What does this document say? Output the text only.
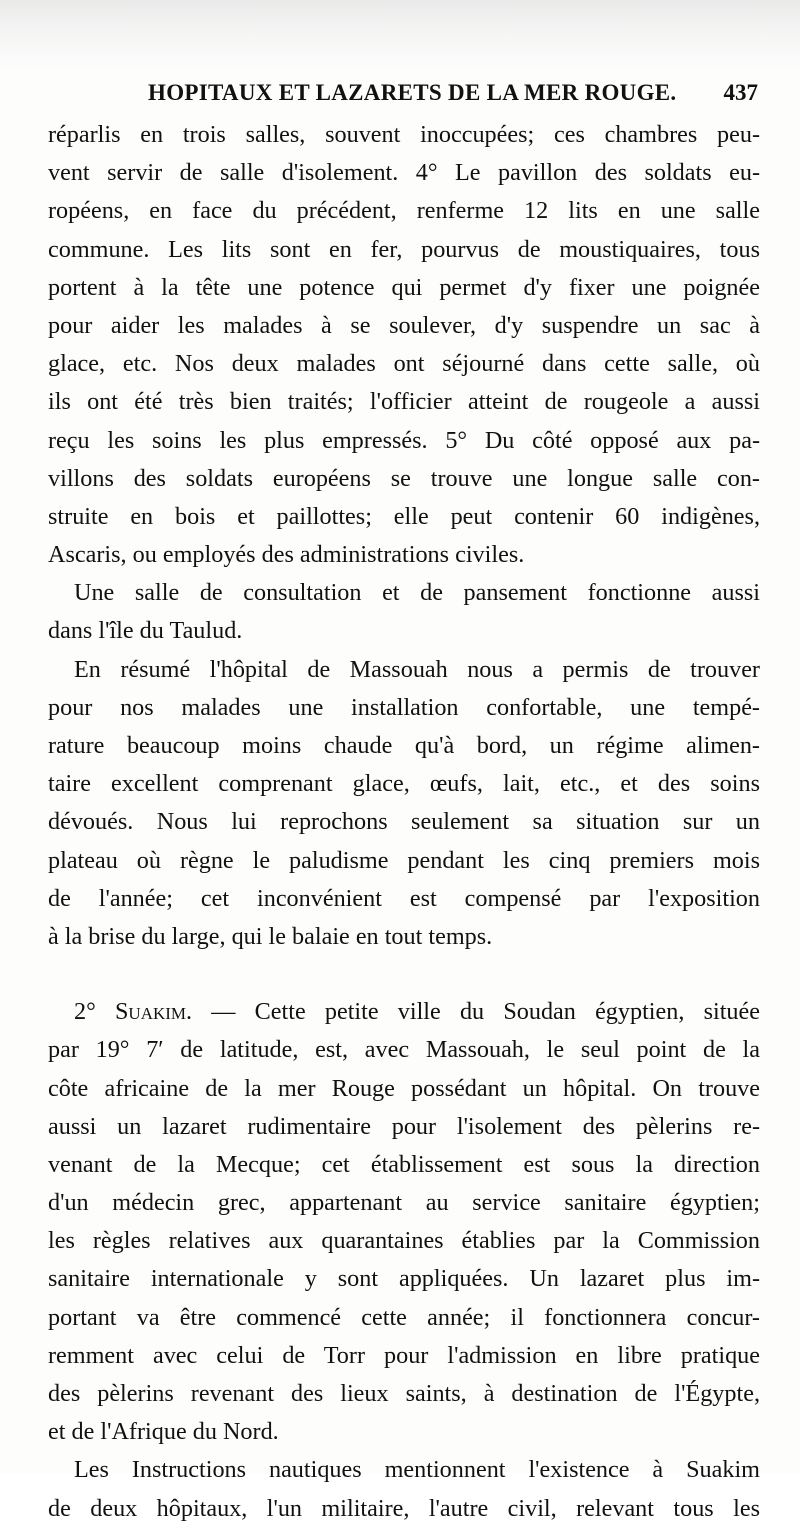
HOPITAUX ET LAZARETS DE LA MER ROUGE. 437
réparlis en trois salles, souvent inoccupées; ces chambres peu-
vent servir de salle d'isolement. 4° Le pavillon des soldats eu-
ropéens, en face du précédent, renferme 12 lits en une salle
commune. Les lits sont en fer, pourvus de moustiquaires, tous
portent à la tête une potence qui permet d'y fixer une poignée
pour aider les malades à se soulever, d'y suspendre un sac à
glace, etc. Nos deux malades ont séjourné dans cette salle, où
ils ont été très bien traités; l'officier atteint de rougeole a aussi
reçu les soins les plus empressés. 5° Du côté opposé aux pa-
villons des soldats européens se trouve une longue salle con-
struite en bois et paillottes; elle peut contenir 60 indigènes,
Ascaris, ou employés des administrations civiles.
Une salle de consultation et de pansement fonctionne aussi
dans l'île du Taulud.
En résumé l'hôpital de Massouah nous a permis de trouver
pour nos malades une installation confortable, une tempé-
rature beaucoup moins chaude qu'à bord, un régime alimen-
taire excellent comprenant glace, œufs, lait, etc., et des soins
dévoués. Nous lui reprochons seulement sa situation sur un
plateau où règne le paludisme pendant les cinq premiers mois
de l'année; cet inconvénient est compensé par l'exposition
à la brise du large, qui le balaie en tout temps.
2° Suakim. — Cette petite ville du Soudan égyptien, située
par 19° 7′ de latitude, est, avec Massouah, le seul point de la
côte africaine de la mer Rouge possédant un hôpital. On trouve
aussi un lazaret rudimentaire pour l'isolement des pèlerins re-
venant de la Mecque; cet établissement est sous la direction
d'un médecin grec, appartenant au service sanitaire égyptien;
les règles relatives aux quarantaines établies par la Commission
sanitaire internationale y sont appliquées. Un lazaret plus im-
portant va être commencé cette année; il fonctionnera concur-
remment avec celui de Torr pour l'admission en libre pratique
des pèlerins revenant des lieux saints, à destination de l'Égypte,
et de l'Afrique du Nord.
Les Instructions nautiques mentionnent l'existence à Suakim
de deux hôpitaux, l'un militaire, l'autre civil, relevant tous les
